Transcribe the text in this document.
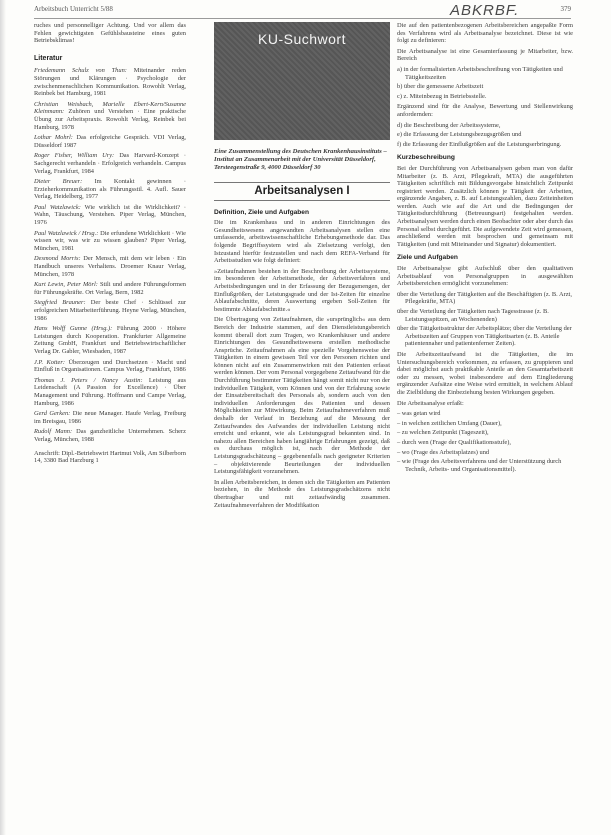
Arbeitsbuch Unterricht 5/88	379
ABKRBF.

ruches und personnelliger Achtung. Und vor allem das Fehlen gewichtigsten Gefühlsbausteine eines guten Betriebsklimas!

Literatur

Friedemann Schulz von Thun: Miteinander reden Störungen und Klärungen · Psychologie der zwischenmenschlichen Kommunikation. Rowohlt Verlag, Reinbek bei Hamburg, 1981

Christian Weisbach, Marielle Ebert-Kern/Susanne Kleinmann: Zuhören und Verstehen · Eine praktische Übung zur Arbeitspraxis. Rowohlt Verlag, Reinbek bei Hamburg, 1978

Lothar Mohrl: Das erfolgreiche Gespräch. VDI Verlag, Düsseldorf 1987

Roger Fisher, William Ury: Das Harvard-Konzept · Sachgerecht verhandeln · Erfolgreich verhandeln. Campus Verlag, Frankfurt, 1984

Dieter Breuer: Im Kontakt gewinnen · Erzieherkommunikation als Führungsstil. 4. Aufl. Sauer Verlag, Heidelberg, 1977

Paul Watzlawick: Wie wirklich ist die Wirklichkeit? · Wahn, Täuschung, Verstehen. Piper Verlag, München, 1976

Paul Watzlawick / Hrsg.: Die erfundene Wirklichkeit · Wie wissen wir, was wir zu wissen glauben? Piper Verlag, München, 1981

Desmond Morris: Der Mensch, mit dem wir leben · Ein Handbuch unseres Verhaltens. Droemer Knaur Verlag, München, 1978

Kurt Lewin, Peter Mörl: Stili und andere Führungsformen für Führungskräfte. Ort Verlag, Bern, 1982

Siegfried Brauner: Der beste Chef · Schlüssel zur erfolgreichen Mitarbeiterführung. Heyne Verlag, München, 1986

Hans Wolff Gunne (Hrsg.): Führung 2000 · Höhere Leistungen durch Kooperation. Frankfurter Allgemeine Zeitung GmbH, Frankfurt und Betriebswirtschaftlicher Verlag Dr. Gabler, Wiesbaden, 1987

J.P. Kotter: Überzeugen und Durchsetzen · Macht und Einfluß in Organisationen. Campus Verlag, Frankfurt, 1986

Thomas J. Peters / Nancy Austin: Leistung aus Leidenschaft (A Passion for Excellence) · Über Management und Führung. Hoffmann und Campe Verlag, Hamburg, 1986

Gerd Gerken: Die neue Manager. Haufe Verlag, Freiburg im Breisgau, 1986

Rudolf Mann: Das ganzheitliche Unternehmen. Scherz Verlag, München, 1988

Anschrift: Dipl.-Betriebswirt Hartmut Volk, Am Silberborn 14, 3380 Bad Harzburg 1

KU-Suchwort
Eine Zusammenstellung des Deutschen Krankenhausinstituts – Institut an Zusammenarbeit mit der Universität Düsseldorf, Tersteegenstraße 9, 4000 Düsseldorf 30
Arbeitsanalysen I
Definition, Ziele und Aufgaben

Die im Krankenhaus und in anderen Einrichtungen des Gesundheitswesens angewandten Arbeitsanalysen stellen eine umfassende, arbeitswissenschaftliche Erhebungsmethode dar. Das folgende Begriffssystem wird als Zielsetzung verfolgt, den Istzustand hierfür festzustellen und nach dem REFA-Verband für Arbeitsstudien wie folgt definiert:

»Zeitaufnahmen bestehen in der Beschreibung der Arbeitssysteme, im besonderen der Arbeitsmethode, der Arbeitsverfahren und Arbeitsbedingungen und in der Erfassung der Bezugsmengen, der Einflußgrößen, der Leistungsgrade und der Ist-Zeiten für einzelne Ablaufabschnitte, deren Auswertung ergeben Soll-Zeiten für bestimmte Ablaufabschnitte.«

Die Übertragung von Zeitaufnahmen, die »ursprünglich« aus dem Bereich der Industrie stammen, auf den Dienstleistungsbereich kommt überall dort zum Tragen, wo Krankenhäuser und andere Einrichtungen des Gesundheitswesens erstellen methodische Ansprüche. Zeitaufnahmen als eine spezielle Vorgehensweise der Tätigkeiten in einem gewissen Teil vor den Personen richten und können nicht auf ein Zusammenwirken mit den Patienten erfasst werden können. Der vom Personal vorgegebene Zeitaufwand für die Durchführung bestimmter Tätigkeiten hängt somit nicht nur von der individuellen Tätigkeit, vom Können und von der Erfahrung sowie der Einsatzbereitschaft des Personals ab, sondern auch von den individuellen Anforderungen des Patienten und dessen Möglichkeiten zur Mitwirkung. Beim Zeitaufnahmeverfahren muß deshalb der Verlauf in Beziehung auf die Messung der Zeitaufwandes des Aufwandes der individuellen Leistung nicht erreicht und erkannt, wie als Leistungsgrad bekannten sind. In nahezu allen Bereichen haben langjährige Erfahrungen gezeigt, daß es durchaus möglich ist, nach der Methode der Leistungsgradschätzung – gegebenenfalls nach geeigneter Kriterien – objektivierende Beurteilungen der individuellen Leistungsfähigkeit vorzunehmen.

In allen Arbeitsbereichen, in denen sich die Tätigkeiten am Patienten beziehen, in die Methode des Leistungsgradschätzens nicht übertragbar und mit zeitaufwändig zusammen. Zeitaufnahmeverfahren der Modifikation

Die auf den patientenbezogenen Arbeitsbereichen angepaßte Form des Verfahrens wird als Arbeitsanalyse bezeichnet. Diese ist wie folgt zu definieren:

Die Arbeitsanalyse ist eine Gesamterfassung je Mitarbeiter, bzw. Bereich

a) in der formalisierten Arbeitsbeschreibung von Tätigkeiten und Tätigkeitszeiten
b) über die gemessene Arbeitszeit
c) z. Miteinbezug in Betriebsstelle.

Ergänzend sind für die Analyse, Bewertung und Stellenwirkung anfordernden:

d) die Beschreibung der Arbeitssysteme,
e) die Erfassung der Leistungsbezugsgrößen und
f) die Erfassung der Einflußgrößen auf die Leistungserbringung.
Kurzbeschreibung

Bei der Durchführung von Arbeitsanalysen geben man von dafür Mitarbeiter (z. B. Arzt, Pflegekraft, MTA) die ausgeführten Tätigkeiten schriftlich mit Bildungsvorgabe hinsichtlich Zeitpunkt registriert werden. Zusätzlich können je Tätigkeit der Arbeiten, ergänzende Angaben, z. B. auf Leistungszahlen, dazu Zeiteinheiten werden. Auch wie auf die Art und die Bedingungen der Tätigkeitsdurchführung (Betreuungsart) festgehalten werden. Arbeitsanalysen werden durch einen Beobachter oder aber durch das Personal selbst durchgeführt. Die aufgewendete Zeit wird gemessen, anschließend werden mit besprochen und gemeinsam mit Tätigkeiten (und mit Miteinander und Signatur) dokumentiert.

Ziele und Aufgaben

Die Arbeitsanalyse gibt Aufschluß über den qualitativen Arbeitsablauf von Personalgruppen in ausgewählten Arbeitsbereichen ermöglicht vorzunehmen:

über die Verteilung der Tätigkeiten auf die Beschäftigten (z. B. Arzt, Pflegekräfte, MTA)
über die Verteilung der Tätigkeiten nach Tagesstrasse (z. B. Leistungsspitzen, an Wochenenden)
über die Tätigkeitsstruktur der Arbeitsplätze; über die Verteilung der Arbeitszeiten auf Gruppen von Tätigkeitsarten (z. B. Anteile patientennaher und patientenferner Zeiten).

Die Arbeitszeitaufwand ist die Tätigkeiten, die im Untersuchungsbereich vorkommen, zu erfassen, zu gruppieren und dabei möglichst auch praktikable Anteile an den Gesamtarbeitszeit oder zu messen, wobei insbesondere auf dem Eingliederung ergänzender Aufsätze eine Weise wird ermittelt, in welchem Ablauf die Zielbildung die Einbeziehung besten Wirkungen gegeben.

Die Arbeitsanalyse erfaßt:

– was getan wird
– in welchen zeitlichen Umfang (Dauer),
– zu welchen Zeitpunkt (Tageszeit),
– durch wen (Frage der Qualifikationsstufe),
– wo (Frage des Arbeitsplatzes) und
– wie (Frage des Arbeitsverfahrens und der Unterstützung durch Technik, Arbeits- und Organisationsmittel).
